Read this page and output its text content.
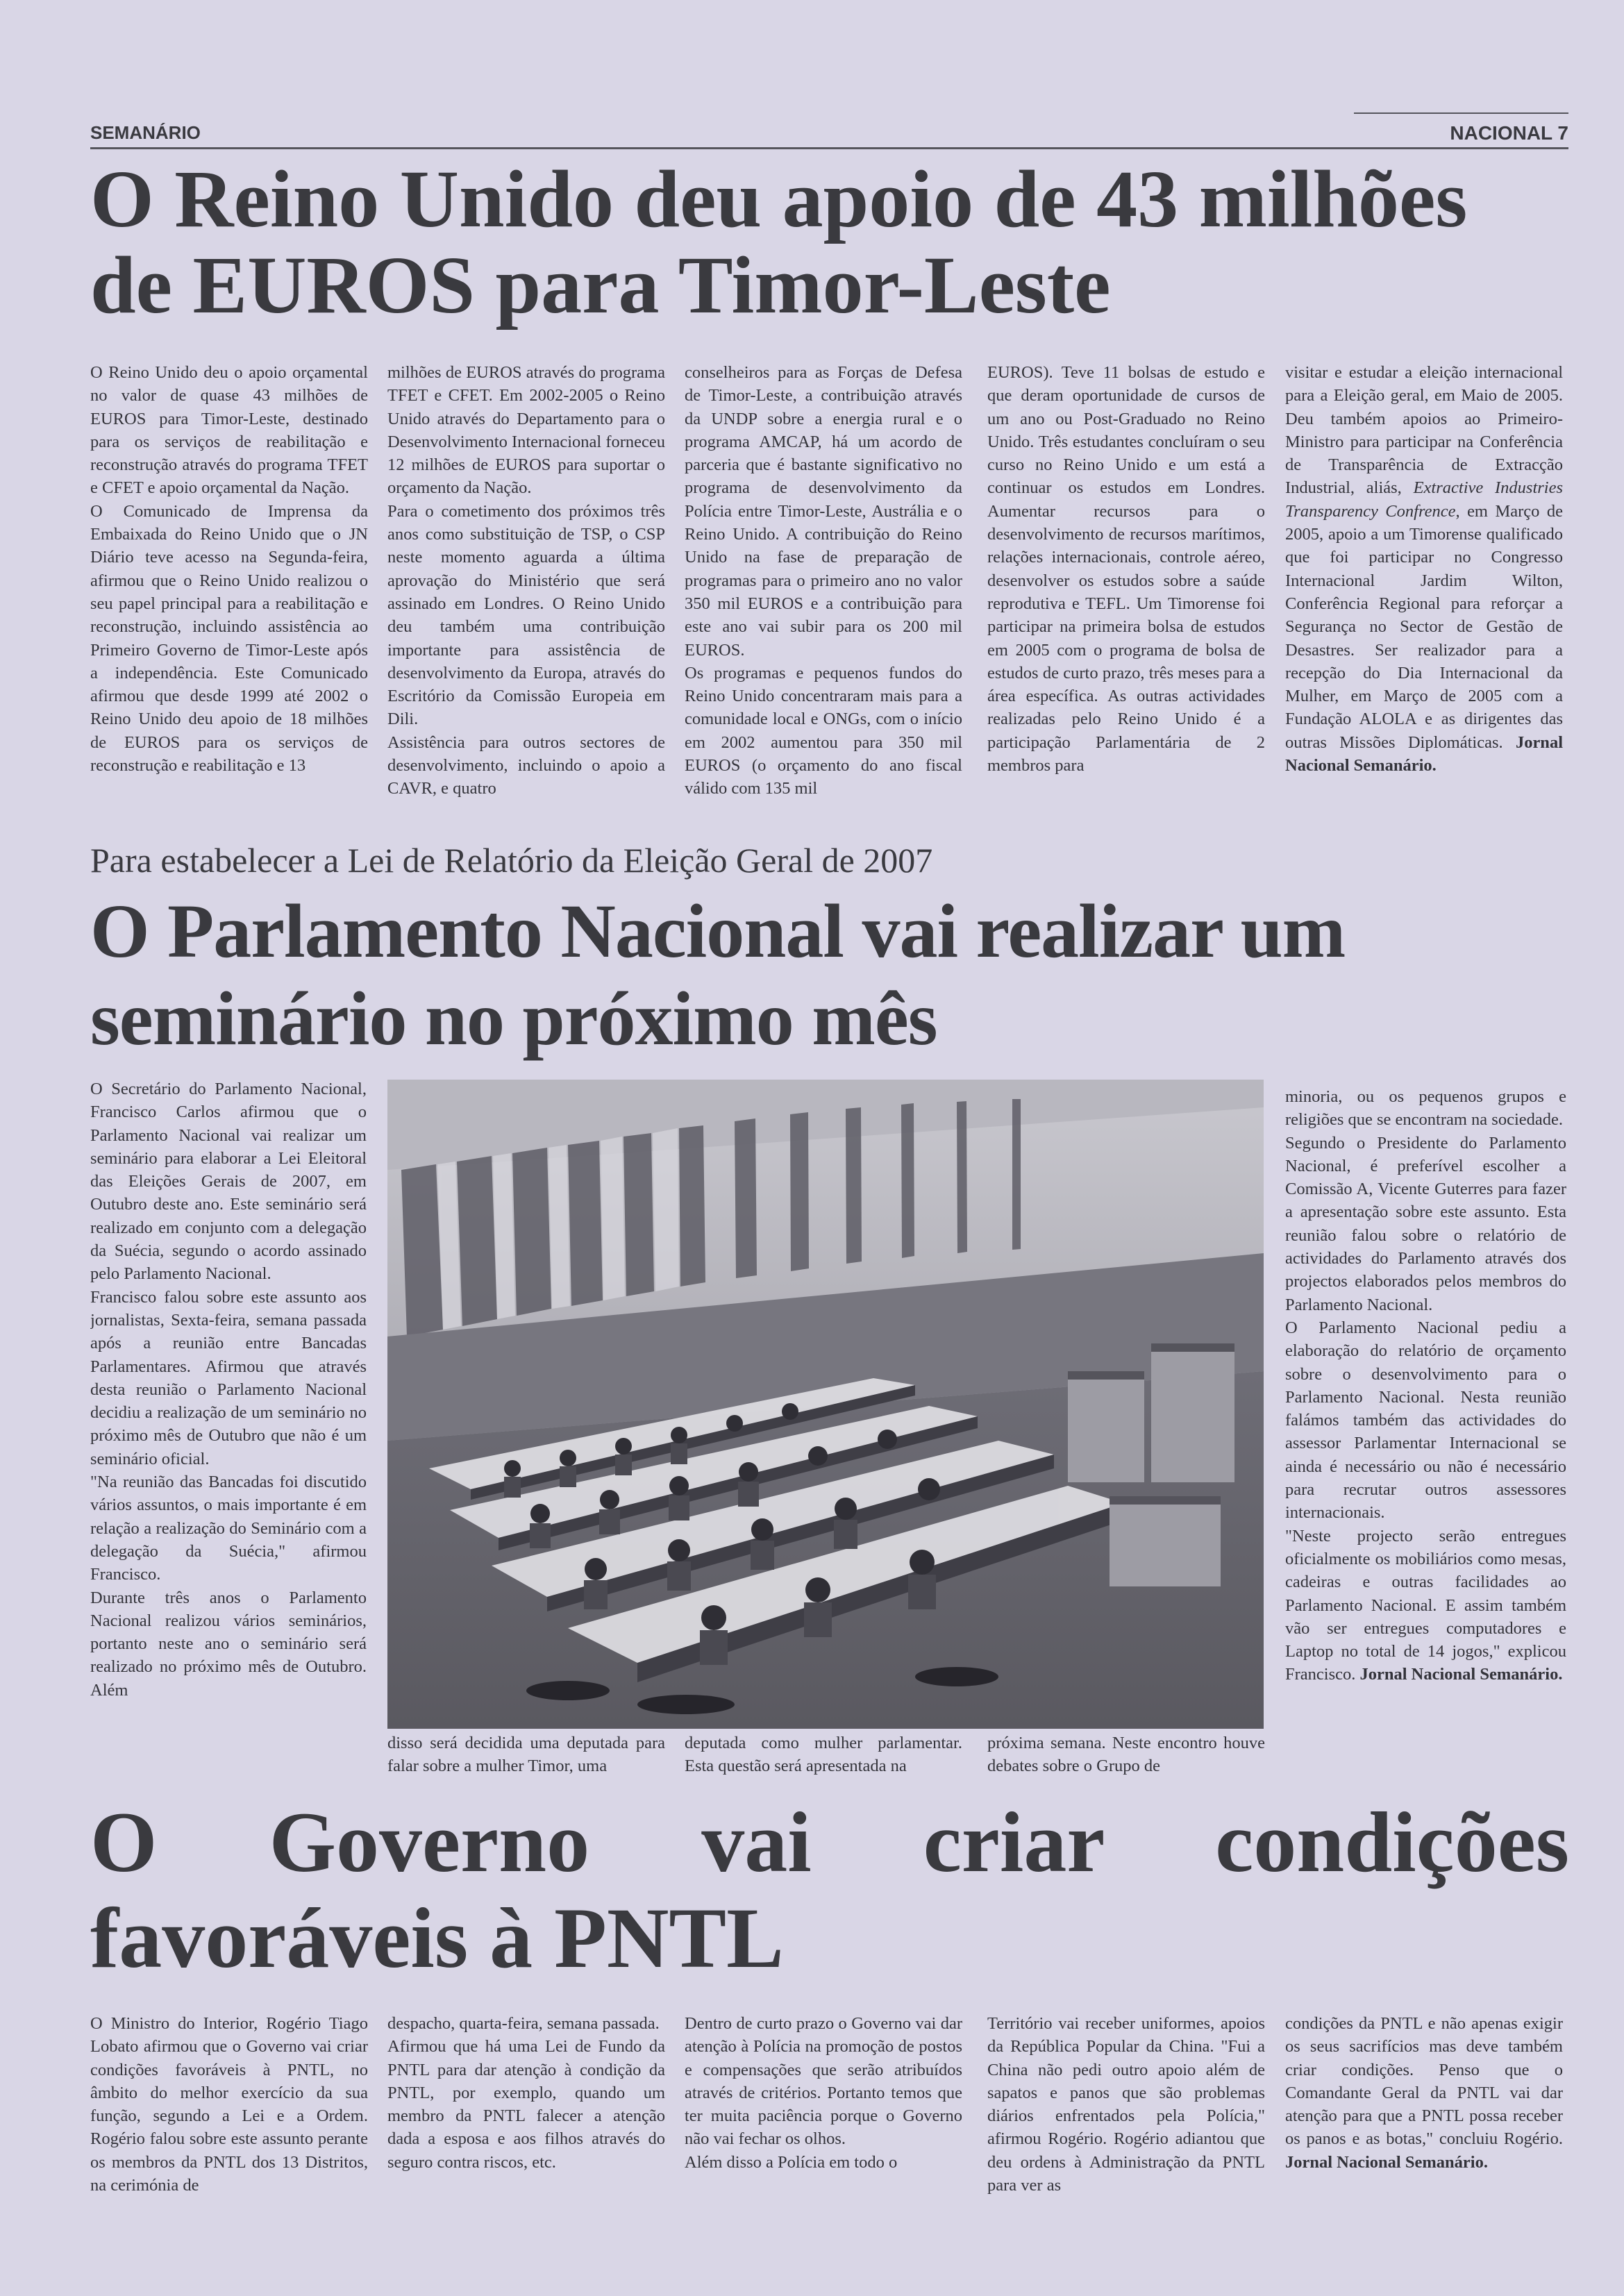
SEMANÁRIO	NACIONAL 7
O Reino Unido deu apoio de 43 milhões de EUROS para Timor-Leste

O Reino Unido deu o apoio orçamental no valor de quase 43 milhões de EUROS para Timor-Leste, destinado para os serviços de reabilitação e reconstrução através do programa TFET e CFET e apoio orçamental da Nação.

O Comunicado de Imprensa da Embaixada do Reino Unido que o JN Diário teve acesso na Segunda-feira, afirmou que o Reino Unido realizou o seu papel principal para a reabilitação e reconstrução, incluindo assistência ao Primeiro Governo de Timor-Leste após a independência. Este Comunicado afirmou que desde 1999 até 2002 o Reino Unido deu apoio de 18 milhões de EUROS para os serviços de reconstrução e reabilitação e 13

milhões de EUROS através do programa TFET e CFET. Em 2002-2005 o Reino Unido através do Departamento para o Desenvolvimento Internacional forneceu 12 milhões de EUROS para suportar o orçamento da Nação.

Para o cometimento dos próximos três anos como substituição de TSP, o CSP neste momento aguarda a última aprovação do Ministério que será assinado em Londres. O Reino Unido deu também uma contribuição importante para assistência de desenvolvimento da Europa, através do Escritório da Comissão Europeia em Dili.

Assistência para outros sectores de desenvolvimento, incluindo o apoio a CAVR, e quatro

conselheiros para as Forças de Defesa de Timor-Leste, a contribuição através da UNDP sobre a energia rural e o programa AMCAP, há um acordo de parceria que é bastante significativo no programa de desenvolvimento da Polícia entre Timor-Leste, Austrália e o Reino Unido. A contribuição do Reino Unido na fase de preparação de programas para o primeiro ano no valor 350 mil EUROS e a contribuição para este ano vai subir para os 200 mil EUROS.

Os programas e pequenos fundos do Reino Unido concentraram mais para a comunidade local e ONGs, com o início em 2002 aumentou para 350 mil EUROS (o orçamento do ano fiscal válido com 135 mil

EUROS). Teve 11 bolsas de estudo e que deram oportunidade de cursos de um ano ou Post-Graduado no Reino Unido. Três estudantes concluíram o seu curso no Reino Unido e um está a continuar os estudos em Londres. Aumentar recursos para o desenvolvimento de recursos marítimos, relações internacionais, controle aéreo, desenvolver os estudos sobre a saúde reprodutiva e TEFL. Um Timorense foi participar na primeira bolsa de estudos em 2005 com o programa de bolsa de estudos de curto prazo, três meses para a área específica. As outras actividades realizadas pelo Reino Unido é a participação Parlamentária de 2 membros para

visitar e estudar a eleição internacional para a Eleição geral, em Maio de 2005. Deu também apoios ao Primeiro-Ministro para participar na Conferência de Transparência de Extracção Industrial, aliás, Extractive Industries Transparency Confrence, em Março de 2005, apoio a um Timorense qualificado que foi participar no Congresso Internacional Jardim Wilton, Conferência Regional para reforçar a Segurança no Sector de Gestão de Desastres. Ser realizador para a recepção do Dia Internacional da Mulher, em Março de 2005 com a Fundação ALOLA e as dirigentes das outras Missões Diplomáticas. Jornal Nacional Semanário.

Para estabelecer a Lei de Relatório da Eleição Geral de 2007
O Parlamento Nacional vai realizar um seminário no próximo mês

O Secretário do Parlamento Nacional, Francisco Carlos afirmou que o Parlamento Nacional vai realizar um seminário para elaborar a Lei Eleitoral das Eleições Gerais de 2007, em Outubro deste ano. Este seminário será realizado em conjunto com a delegação da Suécia, segundo o acordo assinado pelo Parlamento Nacional.

Francisco falou sobre este assunto aos jornalistas, Sexta-feira, semana passada após a reunião entre Bancadas Parlamentares. Afirmou que através desta reunião o Parlamento Nacional decidiu a realização de um seminário no próximo mês de Outubro que não é um seminário oficial.

"Na reunião das Bancadas foi discutido vários assuntos, o mais importante é em relação a realização do Seminário com a delegação da Suécia," afirmou Francisco.

Durante três anos o Parlamento Nacional realizou vários seminários, portanto neste ano o seminário será realizado no próximo mês de Outubro. Além

disso será decidida uma deputada para falar sobre a mulher Timor, uma

deputada como mulher parlamentar. Esta questão será apresentada na

próxima semana. Neste encontro houve debates sobre o Grupo de

minoria, ou os pequenos grupos e religiões que se encontram na sociedade.

Segundo o Presidente do Parlamento Nacional, é preferível escolher a Comissão A, Vicente Guterres para fazer a apresentação sobre este assunto. Esta reunião falou sobre o relatório de actividades do Parlamento através dos projectos elaborados pelos membros do Parlamento Nacional.

O Parlamento Nacional pediu a elaboração do relatório de orçamento sobre o desenvolvimento para o Parlamento Nacional. Nesta reunião falámos também das actividades do assessor Parlamentar Internacional se ainda é necessário ou não é necessário para recrutar outros assessores internacionais.

"Neste projecto serão entregues oficialmente os mobiliários como mesas, cadeiras e outras facilidades ao Parlamento Nacional. E assim também vão ser entregues computadores e Laptop no total de 14 jogos," explicou Francisco. Jornal Nacional Semanário.

O Governo vai criar condições
favoráveis à PNTL

O Ministro do Interior, Rogério Tiago Lobato afirmou que o Governo vai criar condições favoráveis à PNTL, no âmbito do melhor exercício da sua função, segundo a Lei e a Ordem. Rogério falou sobre este assunto perante os membros da PNTL dos 13 Distritos, na cerimónia de

despacho, quarta-feira, semana passada.

Afirmou que há uma Lei de Fundo da PNTL para dar atenção à condição da PNTL, por exemplo, quando um membro da PNTL falecer a atenção dada a esposa e aos filhos através do seguro contra riscos, etc.

Dentro de curto prazo o Governo vai dar atenção à Polícia na promoção de postos e compensações que serão atribuídos através de critérios. Portanto temos que ter muita paciência porque o Governo não vai fechar os olhos.

Além disso a Polícia em todo o

Território vai receber uniformes, apoios da República Popular da China. "Fui a China não pedi outro apoio além de sapatos e panos que são problemas diários enfrentados pela Polícia," afirmou Rogério. Rogério adiantou que deu ordens à Administração da PNTL para ver as

condições da PNTL e não apenas exigir os seus sacrifícios mas deve também criar condições. Penso que o Comandante Geral da PNTL vai dar atenção para que a PNTL possa receber os panos e as botas," concluiu Rogério. Jornal Nacional Semanário.
